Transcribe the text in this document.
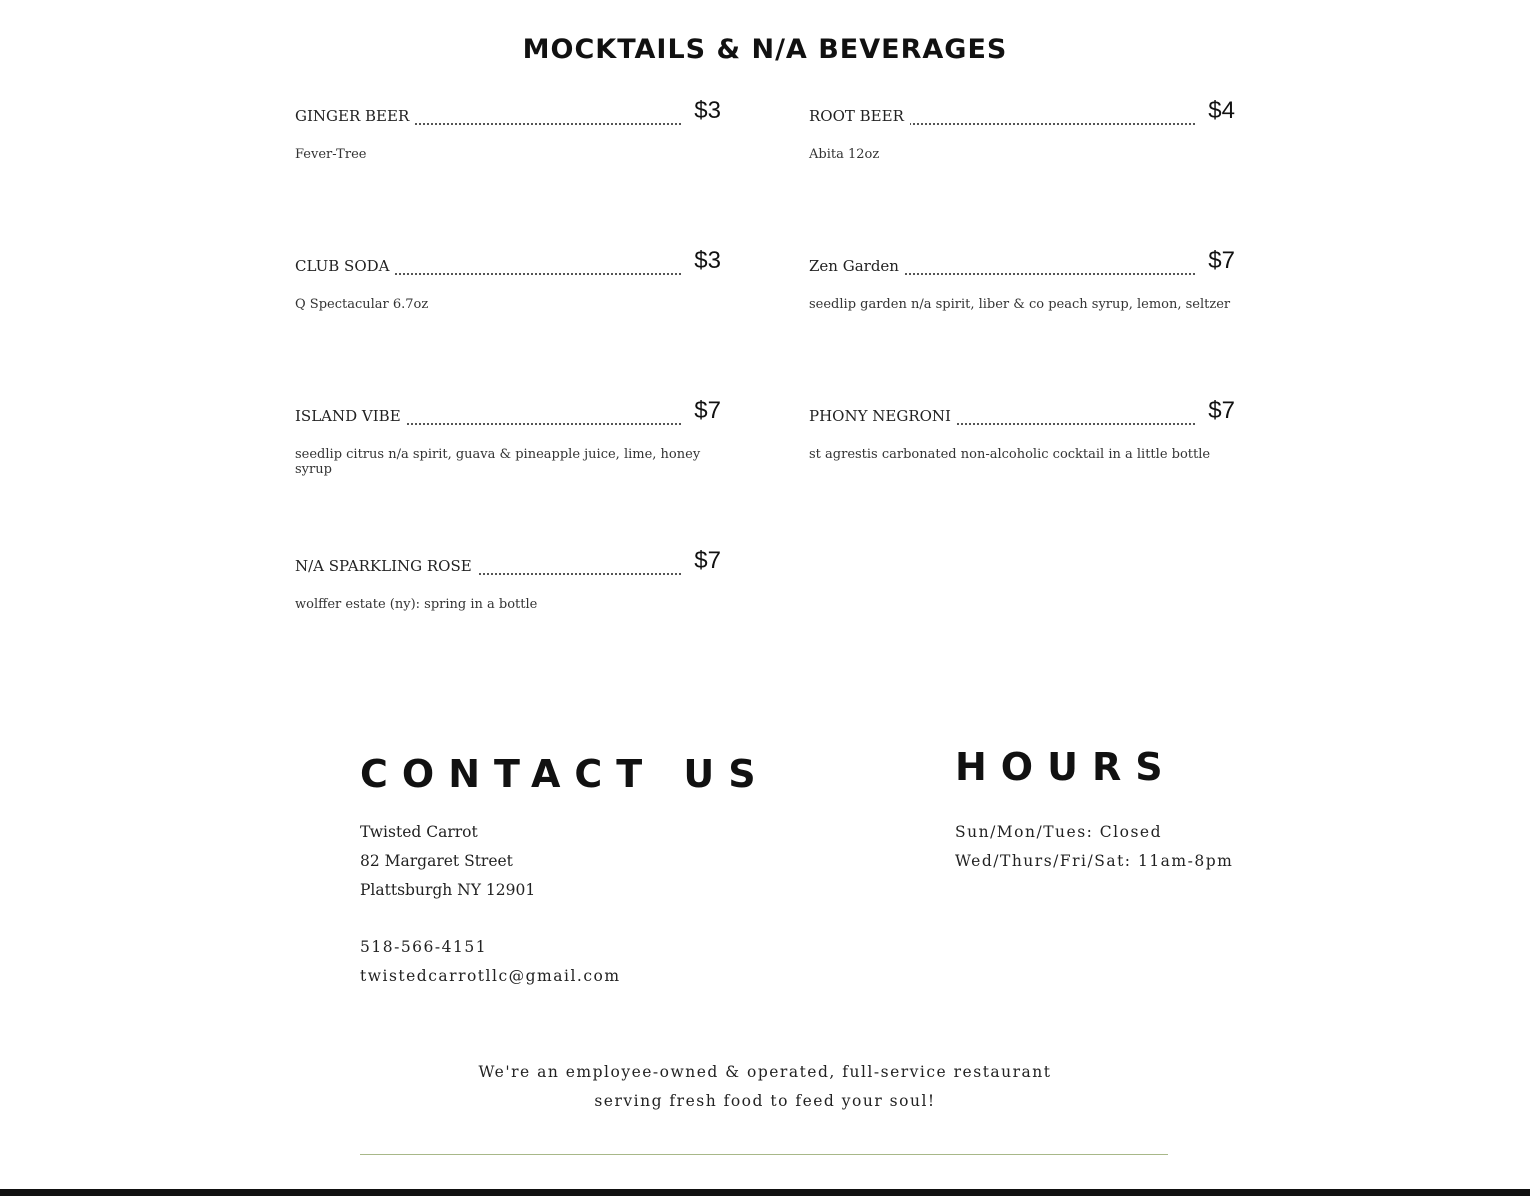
MOCKTAILS & N/A BEVERAGES
GINGER BEER	$3
Fever-Tree
ROOT BEER	$4
Abita 12oz
CLUB SODA	$3
Q Spectacular 6.7oz
Zen Garden	$7
seedlip garden n/a spirit, liber & co peach syrup, lemon, seltzer
ISLAND VIBE	$7
seedlip citrus n/a spirit, guava & pineapple juice, lime, honey syrup
PHONY NEGRONI	$7
st agrestis carbonated non-alcoholic cocktail in a little bottle
N/A SPARKLING ROSE	$7
wolffer estate (ny): spring in a bottle
CONTACT US
Twisted Carrot
82 Margaret Street
Plattsburgh NY 12901
518-566-4151
twistedcarrotllc@gmail.com
HOURS
Sun/Mon/Tues: Closed
Wed/Thurs/Fri/Sat: 11am-8pm
We're an employee-owned & operated, full-service restaurant
serving fresh food to feed your soul!
